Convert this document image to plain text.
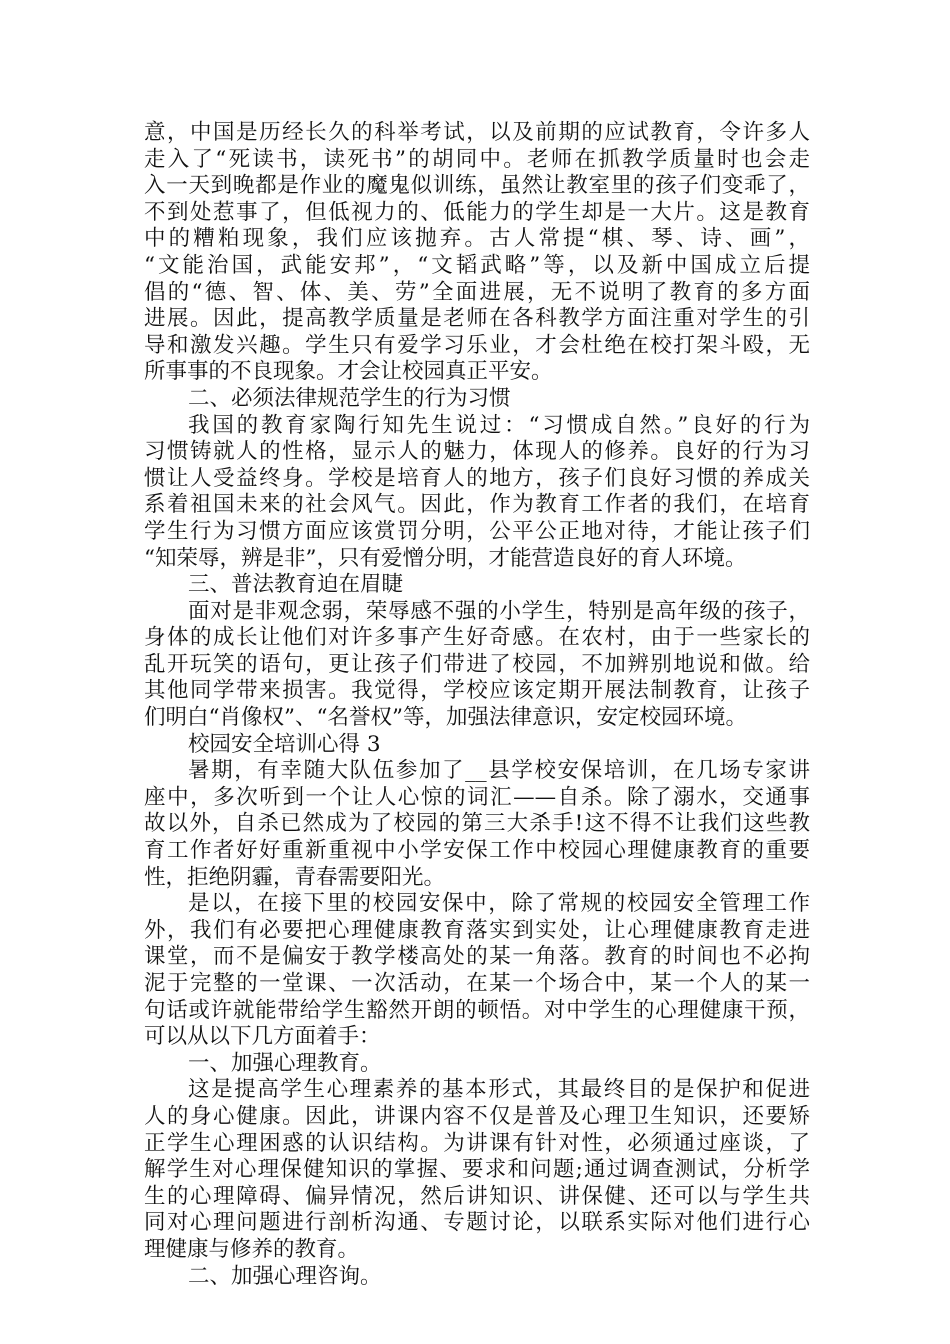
意，中国是历经长久的科举考试，以及前期的应试教育，令许多人
走入了“死读书，读死书”的胡同中。老师在抓教学质量时也会走
入一天到晚都是作业的魔鬼似训练，虽然让教室里的孩子们变乖了，
不到处惹事了，但低视力的、低能力的学生却是一大片。这是教育
中的糟粕现象，我们应该抛弃。古人常提“棋、琴、诗、画”，
“文能治国，武能安邦”，“文韬武略”等，以及新中国成立后提
倡的“德、智、体、美、劳”全面进展，无不说明了教育的多方面
进展。因此，提高教学质量是老师在各科教学方面注重对学生的引
导和激发兴趣。学生只有爱学习乐业，才会杜绝在校打架斗殴，无
所事事的不良现象。才会让校园真正平安。
二、必须法律规范学生的行为习惯
我国的教育家陶行知先生说过：“习惯成自然。”良好的行为
习惯铸就人的性格，显示人的魅力，体现人的修养。良好的行为习
惯让人受益终身。学校是培育人的地方，孩子们良好习惯的养成关
系着祖国未来的社会风气。因此，作为教育工作者的我们，在培育
学生行为习惯方面应该赏罚分明，公平公正地对待，才能让孩子们
“知荣辱，辨是非”，只有爱憎分明，才能营造良好的育人环境。
三、普法教育迫在眉睫
面对是非观念弱，荣辱感不强的小学生，特别是高年级的孩子，
身体的成长让他们对许多事产生好奇感。在农村，由于一些家长的
乱开玩笑的语句，更让孩子们带进了校园，不加辨别地说和做。给
其他同学带来损害。我觉得，学校应该定期开展法制教育，让孩子
们明白“肖像权”、“名誉权”等，加强法律意识，安定校园环境。
校园安全培训心得 3
暑期，有幸随大队伍参加了__县学校安保培训，在几场专家讲
座中，多次听到一个让人心惊的词汇——自杀。除了溺水，交通事
故以外，自杀已然成为了校园的第三大杀手!这不得不让我们这些教
育工作者好好重新重视中小学安保工作中校园心理健康教育的重要
性，拒绝阴霾，青春需要阳光。
是以，在接下里的校园安保中，除了常规的校园安全管理工作
外，我们有必要把心理健康教育落实到实处，让心理健康教育走进
课堂，而不是偏安于教学楼高处的某一角落。教育的时间也不必拘
泥于完整的一堂课、一次活动，在某一个场合中，某一个人的某一
句话或许就能带给学生豁然开朗的顿悟。对中学生的心理健康干预，
可以从以下几方面着手：
一、加强心理教育。
这是提高学生心理素养的基本形式，其最终目的是保护和促进
人的身心健康。因此，讲课内容不仅是普及心理卫生知识，还要矫
正学生心理困惑的认识结构。为讲课有针对性，必须通过座谈，了
解学生对心理保健知识的掌握、要求和问题;通过调查测试，分析学
生的心理障碍、偏异情况，然后讲知识、讲保健、还可以与学生共
同对心理问题进行剖析沟通、专题讨论，以联系实际对他们进行心
理健康与修养的教育。
二、加强心理咨询。
